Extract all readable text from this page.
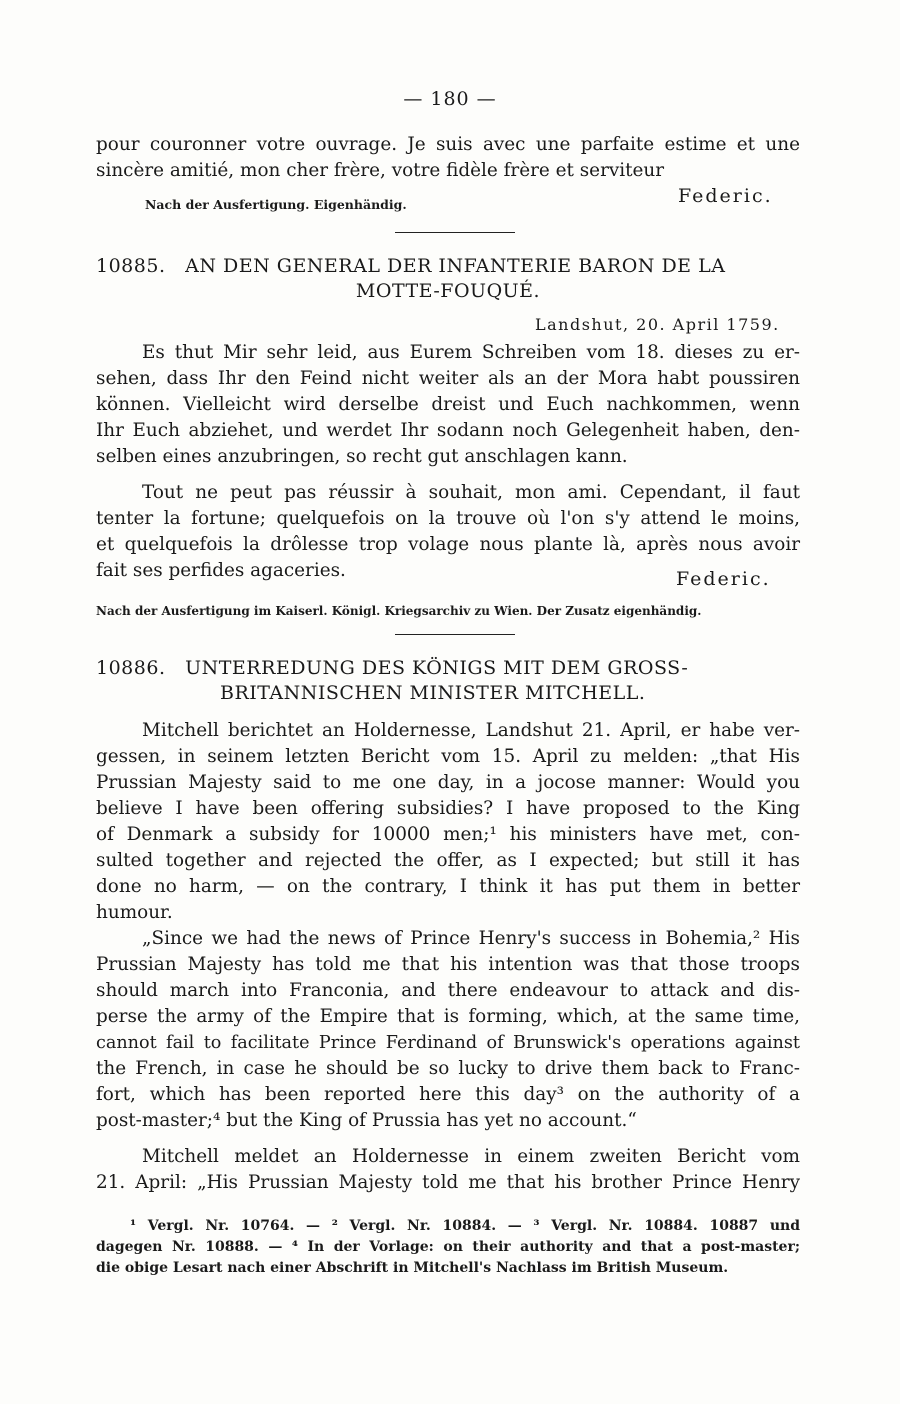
— 180 —
pour couronner votre ouvrage. Je suis avec une parfaite estime et une
sincère amitié, mon cher frère, votre fidèle frère et serviteur
Nach der Ausfertigung. Eigenhändig.	Federic.
10885. AN DEN GENERAL DER INFANTERIE BARON DE LA
MOTTE-FOUQUÉ.
Landshut, 20. April 1759.
Es thut Mir sehr leid, aus Eurem Schreiben vom 18. dieses zu er-
sehen, dass Ihr den Feind nicht weiter als an der Mora habt poussiren
können. Vielleicht wird derselbe dreist und Euch nachkommen, wenn
Ihr Euch abziehet, und werdet Ihr sodann noch Gelegenheit haben, den-
selben eines anzubringen, so recht gut anschlagen kann.
Tout ne peut pas réussir à souhait, mon ami. Cependant, il faut
tenter la fortune; quelquefois on la trouve où l'on s'y attend le moins,
et quelquefois la drôlesse trop volage nous plante là, après nous avoir
fait ses perfides agaceries.	Federic.
Nach der Ausfertigung im Kaiserl. Königl. Kriegsarchiv zu Wien. Der Zusatz eigenhändig.
10886. UNTERREDUNG DES KÖNIGS MIT DEM GROSS-
BRITANNISCHEN MINISTER MITCHELL.
Mitchell berichtet an Holdernesse, Landshut 21. April, er habe ver-
gessen, in seinem letzten Bericht vom 15. April zu melden: „that His
Prussian Majesty said to me one day, in a jocose manner: Would you
believe I have been offering subsidies? I have proposed to the King
of Denmark a subsidy for 10000 men;¹ his ministers have met, con-
sulted together and rejected the offer, as I expected; but still it has
done no harm, — on the contrary, I think it has put them in better
humour.
„Since we had the news of Prince Henry's success in Bohemia,² His
Prussian Majesty has told me that his intention was that those troops
should march into Franconia, and there endeavour to attack and dis-
perse the army of the Empire that is forming, which, at the same time,
cannot fail to facilitate Prince Ferdinand of Brunswick's operations against
the French, in case he should be so lucky to drive them back to Franc-
fort, which has been reported here this day³ on the authority of a
post-master;⁴ but the King of Prussia has yet no account.“
Mitchell meldet an Holdernesse in einem zweiten Bericht vom
21. April: „His Prussian Majesty told me that his brother Prince Henry
¹ Vergl. Nr. 10764. — ² Vergl. Nr. 10884. — ³ Vergl. Nr. 10884. 10887 und
dagegen Nr. 10888. — ⁴ In der Vorlage: on their authority and that a post-master;
die obige Lesart nach einer Abschrift in Mitchell's Nachlass im British Museum.
